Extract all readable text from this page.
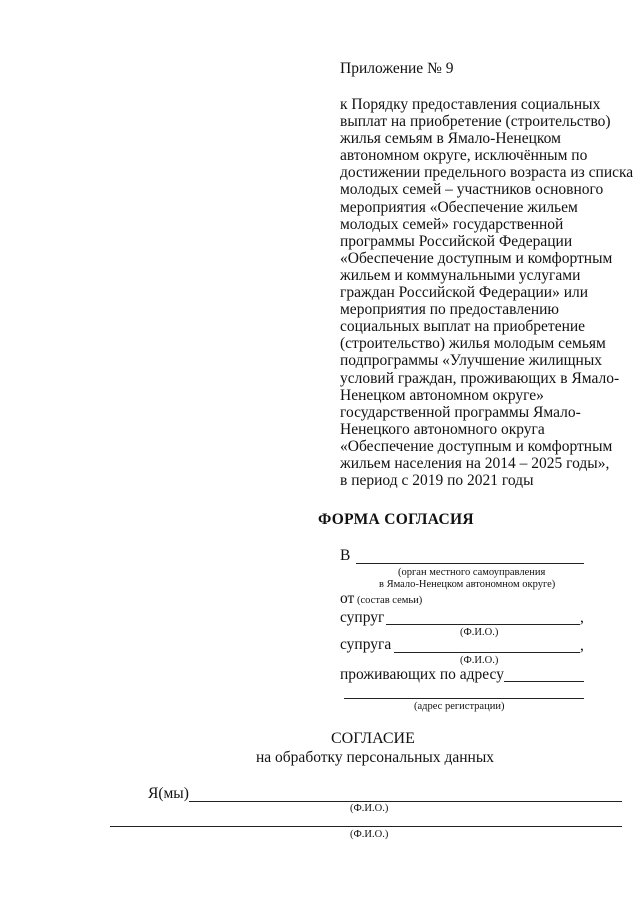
Приложение № 9
к Порядку предоставления социальных
выплат на приобретение (строительство)
жилья семьям в Ямало-Ненецком
автономном округе, исключённым по
достижении предельного возраста из списка
молодых семей – участников основного
мероприятия «Обеспечение жильем
молодых семей» государственной
программы Российской Федерации
«Обеспечение доступным и комфортным
жильем и коммунальными услугами
граждан Российской Федерации» или
мероприятия по предоставлению
социальных выплат на приобретение
(строительство) жилья молодым семьям
подпрограммы «Улучшение жилищных
условий граждан, проживающих в Ямало-
Ненецком автономном округе»
государственной программы Ямало-
Ненецкого автономного округа
«Обеспечение доступным и комфортным
жильем населения на 2014 – 2025 годы»,
в период с 2019 по 2021 годы
ФОРМА СОГЛАСИЯ
В
(орган местного самоуправления
в Ямало-Ненецком автономном округе)
от (состав семьи)
супруг	,
(Ф.И.О.)
супруга	,
(Ф.И.О.)
проживающих по адресу
(адрес регистрации)
СОГЛАСИЕ
на обработку персональных данных
Я(мы)
(Ф.И.О.)
(Ф.И.О.)
